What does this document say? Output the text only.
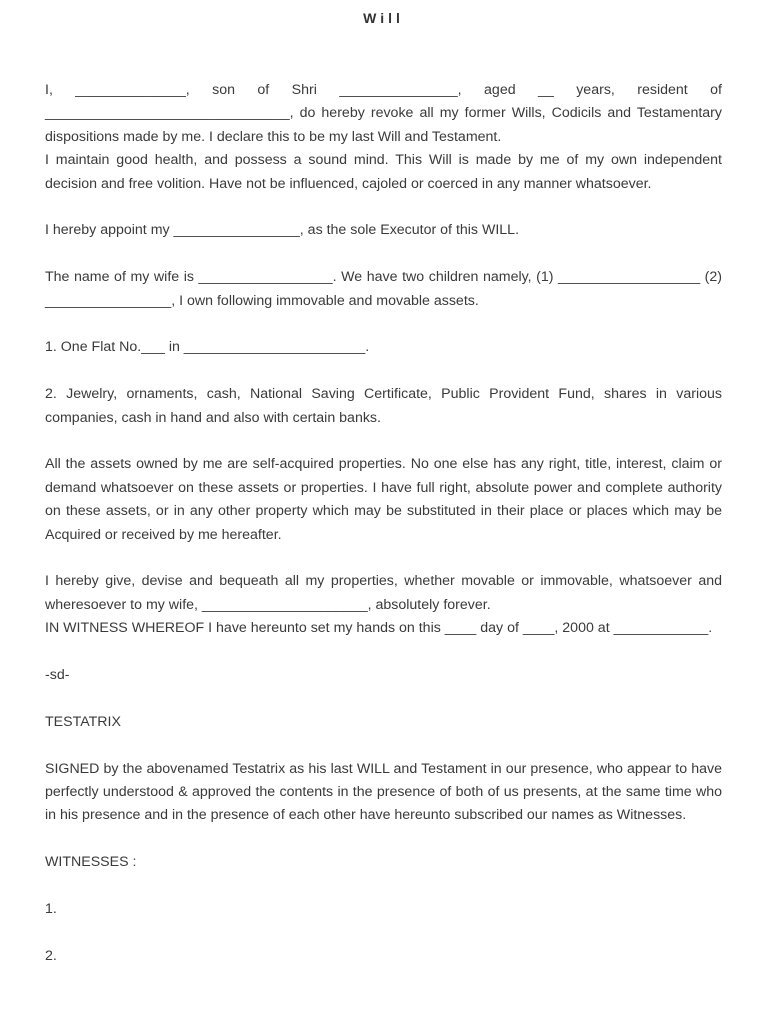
Will

I, ______________, son of Shri _______________, aged __ years, resident of _______________________________, do hereby revoke all my former Wills, Codicils and Testamentary dispositions made by me. I declare this to be my last Will and Testament.

I maintain good health, and possess a sound mind. This Will is made by me of my own independent decision and free volition. Have not be influenced, cajoled or coerced in any manner whatsoever.

I hereby appoint my ________________, as the sole Executor of this WILL.

The name of my wife is _________________. We have two children namely, (1) __________________ (2) ________________, I own following immovable and movable assets.

1. One Flat No.___ in _______________________.

2. Jewelry, ornaments, cash, National Saving Certificate, Public Provident Fund, shares in various companies, cash in hand and also with certain banks.

All the assets owned by me are self-acquired properties. No one else has any right, title, interest, claim or demand whatsoever on these assets or properties. I have full right, absolute power and complete authority on these assets, or in any other property which may be substituted in their place or places which may be Acquired or received by me hereafter.

I hereby give, devise and bequeath all my properties, whether movable or immovable, whatsoever and wheresoever to my wife, _____________________, absolutely forever.

IN WITNESS WHEREOF I have hereunto set my hands on this ____ day of ____, 2000 at ____________.

-sd-

TESTATRIX

SIGNED by the abovenamed Testatrix as his last WILL and Testament in our presence, who appear to have perfectly understood & approved the contents in the presence of both of us presents, at the same time who in his presence and in the presence of each other have hereunto subscribed our names as Witnesses.

WITNESSES :

1.

2.
